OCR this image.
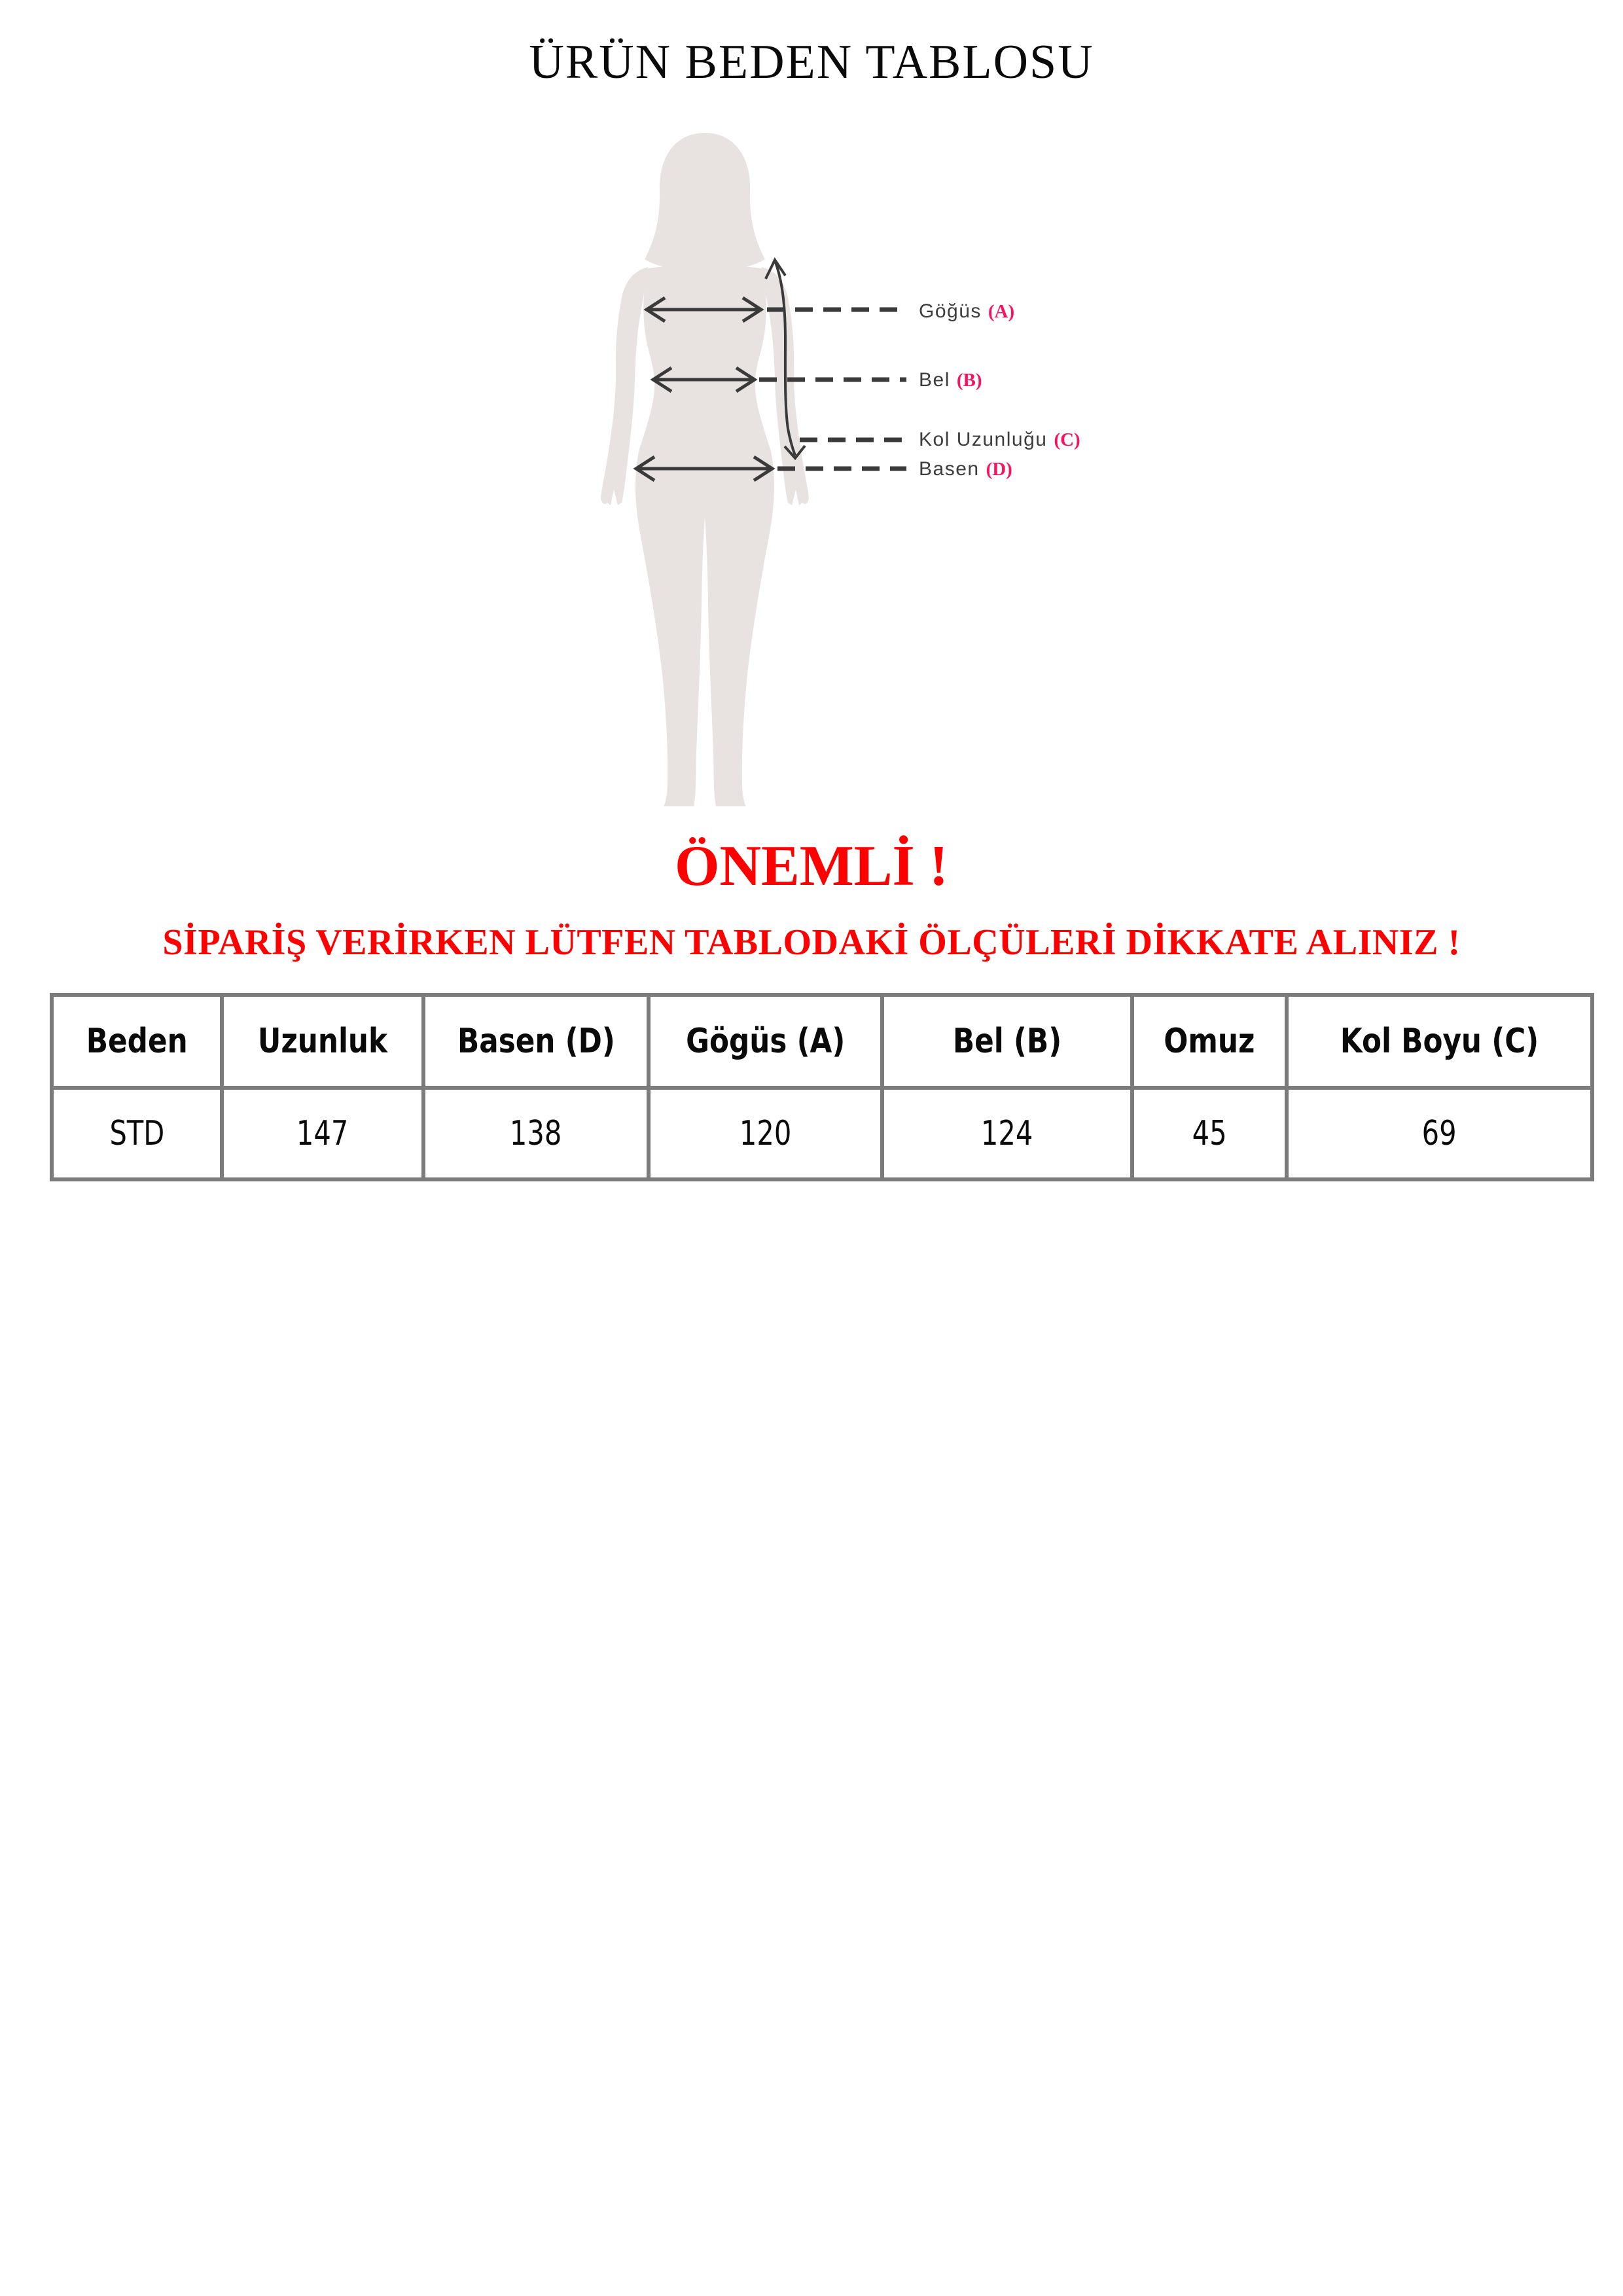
ÜRÜN BEDEN TABLOSU
Göğüs (A)
Bel (B)
Kol Uzunluğu (C)
Basen (D)
ÖNEMLİ !
SİPARİŞ VERİRKEN LÜTFEN TABLODAKİ ÖLÇÜLERİ DİKKATE ALINIZ !
Beden	Uzunluk	Basen (D)	Gögüs (A)	Bel (B)	Omuz	Kol Boyu (C)
STD	147	138	120	124	45	69
